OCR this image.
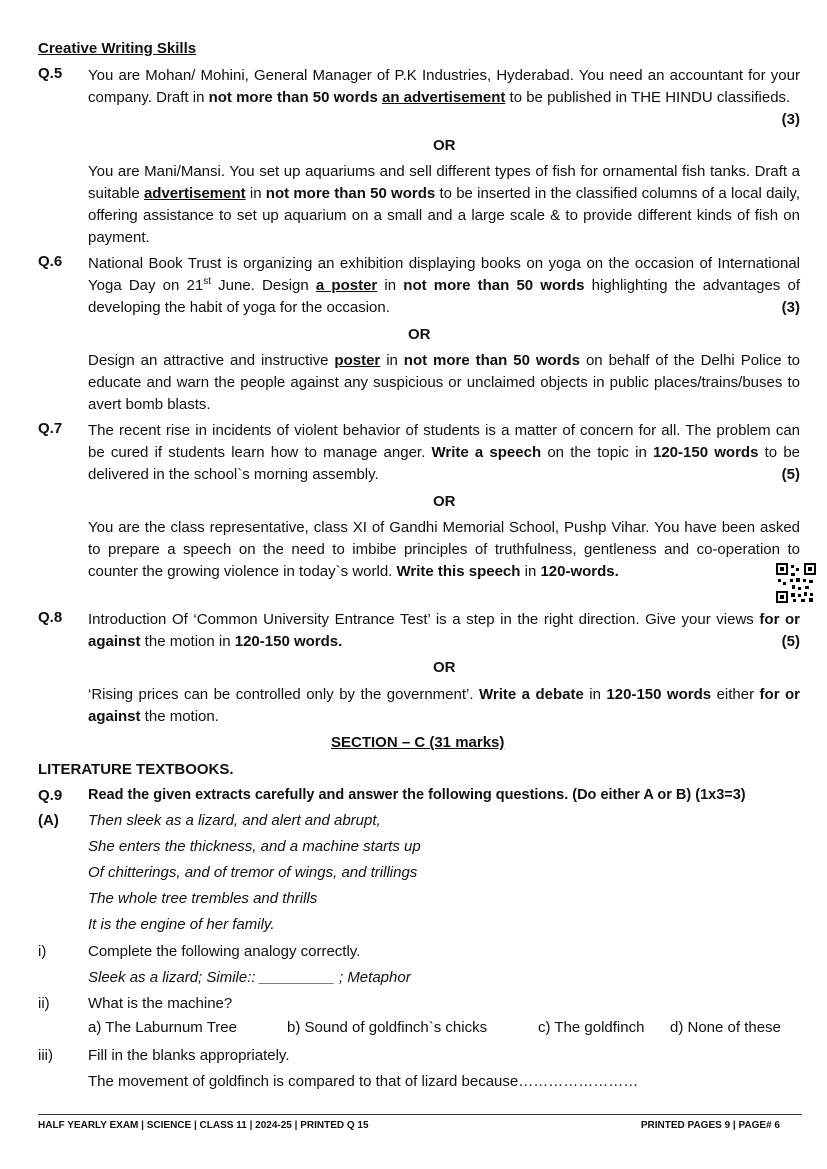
Creative Writing Skills
Q.5 You are Mohan/ Mohini, General Manager of P.K Industries, Hyderabad. You need an accountant for your company. Draft in not more than 50 words an advertisement to be published in THE HINDU classifieds.
(3)
OR
You are Mani/Mansi. You set up aquariums and sell different types of fish for ornamental fish tanks. Draft a suitable advertisement in not more than 50 words to be inserted in the classified columns of a local daily, offering assistance to set up aquarium on a small and a large scale & to provide different kinds of fish on payment.
Q.6 National Book Trust is organizing an exhibition displaying books on yoga on the occasion of International Yoga Day on 21st June. Design a poster in not more than 50 words highlighting the advantages of developing the habit of yoga for the occasion.	(3)
OR
Design an attractive and instructive poster in not more than 50 words on behalf of the Delhi Police to educate and warn the people against any suspicious or unclaimed objects in public places/trains/buses to avert bomb blasts.
Q.7 The recent rise in incidents of violent behavior of students is a matter of concern for all. The problem can be cured if students learn how to manage anger. Write a speech on the topic in 120-150 words to be delivered in the school`s morning assembly.	(5)
OR
You are the class representative, class XI of Gandhi Memorial School, Pushp Vihar. You have been asked to prepare a speech on the need to imbibe principles of truthfulness, gentleness and co-operation to counter the growing violence in today`s world. Write this speech in 120-words.
Q.8 Introduction Of ‘Common University Entrance Test’ is a step in the right direction. Give your views for or against the motion in 120-150 words.	(5)
OR
‘Rising prices can be controlled only by the government’. Write a debate in 120-150 words either for or against the motion.
SECTION – C (31 marks)
LITERATURE TEXTBOOKS.
Q.9 Read the given extracts carefully and answer the following questions. (Do either A or B) (1x3=3)
(A) Then sleek as a lizard, and alert and abrupt,
She enters the thickness, and a machine starts up
Of chitterings, and of tremor of wings, and trillings
The whole tree trembles and thrills
It is the engine of her family.
i)	Complete the following analogy correctly.
Sleek as a lizard; Simile:: _________ ; Metaphor
ii)	What is the machine?
a) The Laburnum Tree	b) Sound of goldfinch`s chicks	c) The goldfinch d) None of these
iii) Fill in the blanks appropriately.
The movement of goldfinch is compared to that of lizard because……………………
HALF YEARLY EXAM | SCIENCE | CLASS 11 | 2024-25 | PRINTED Q 15	PRINTED PAGES 9 | PAGE# 6
